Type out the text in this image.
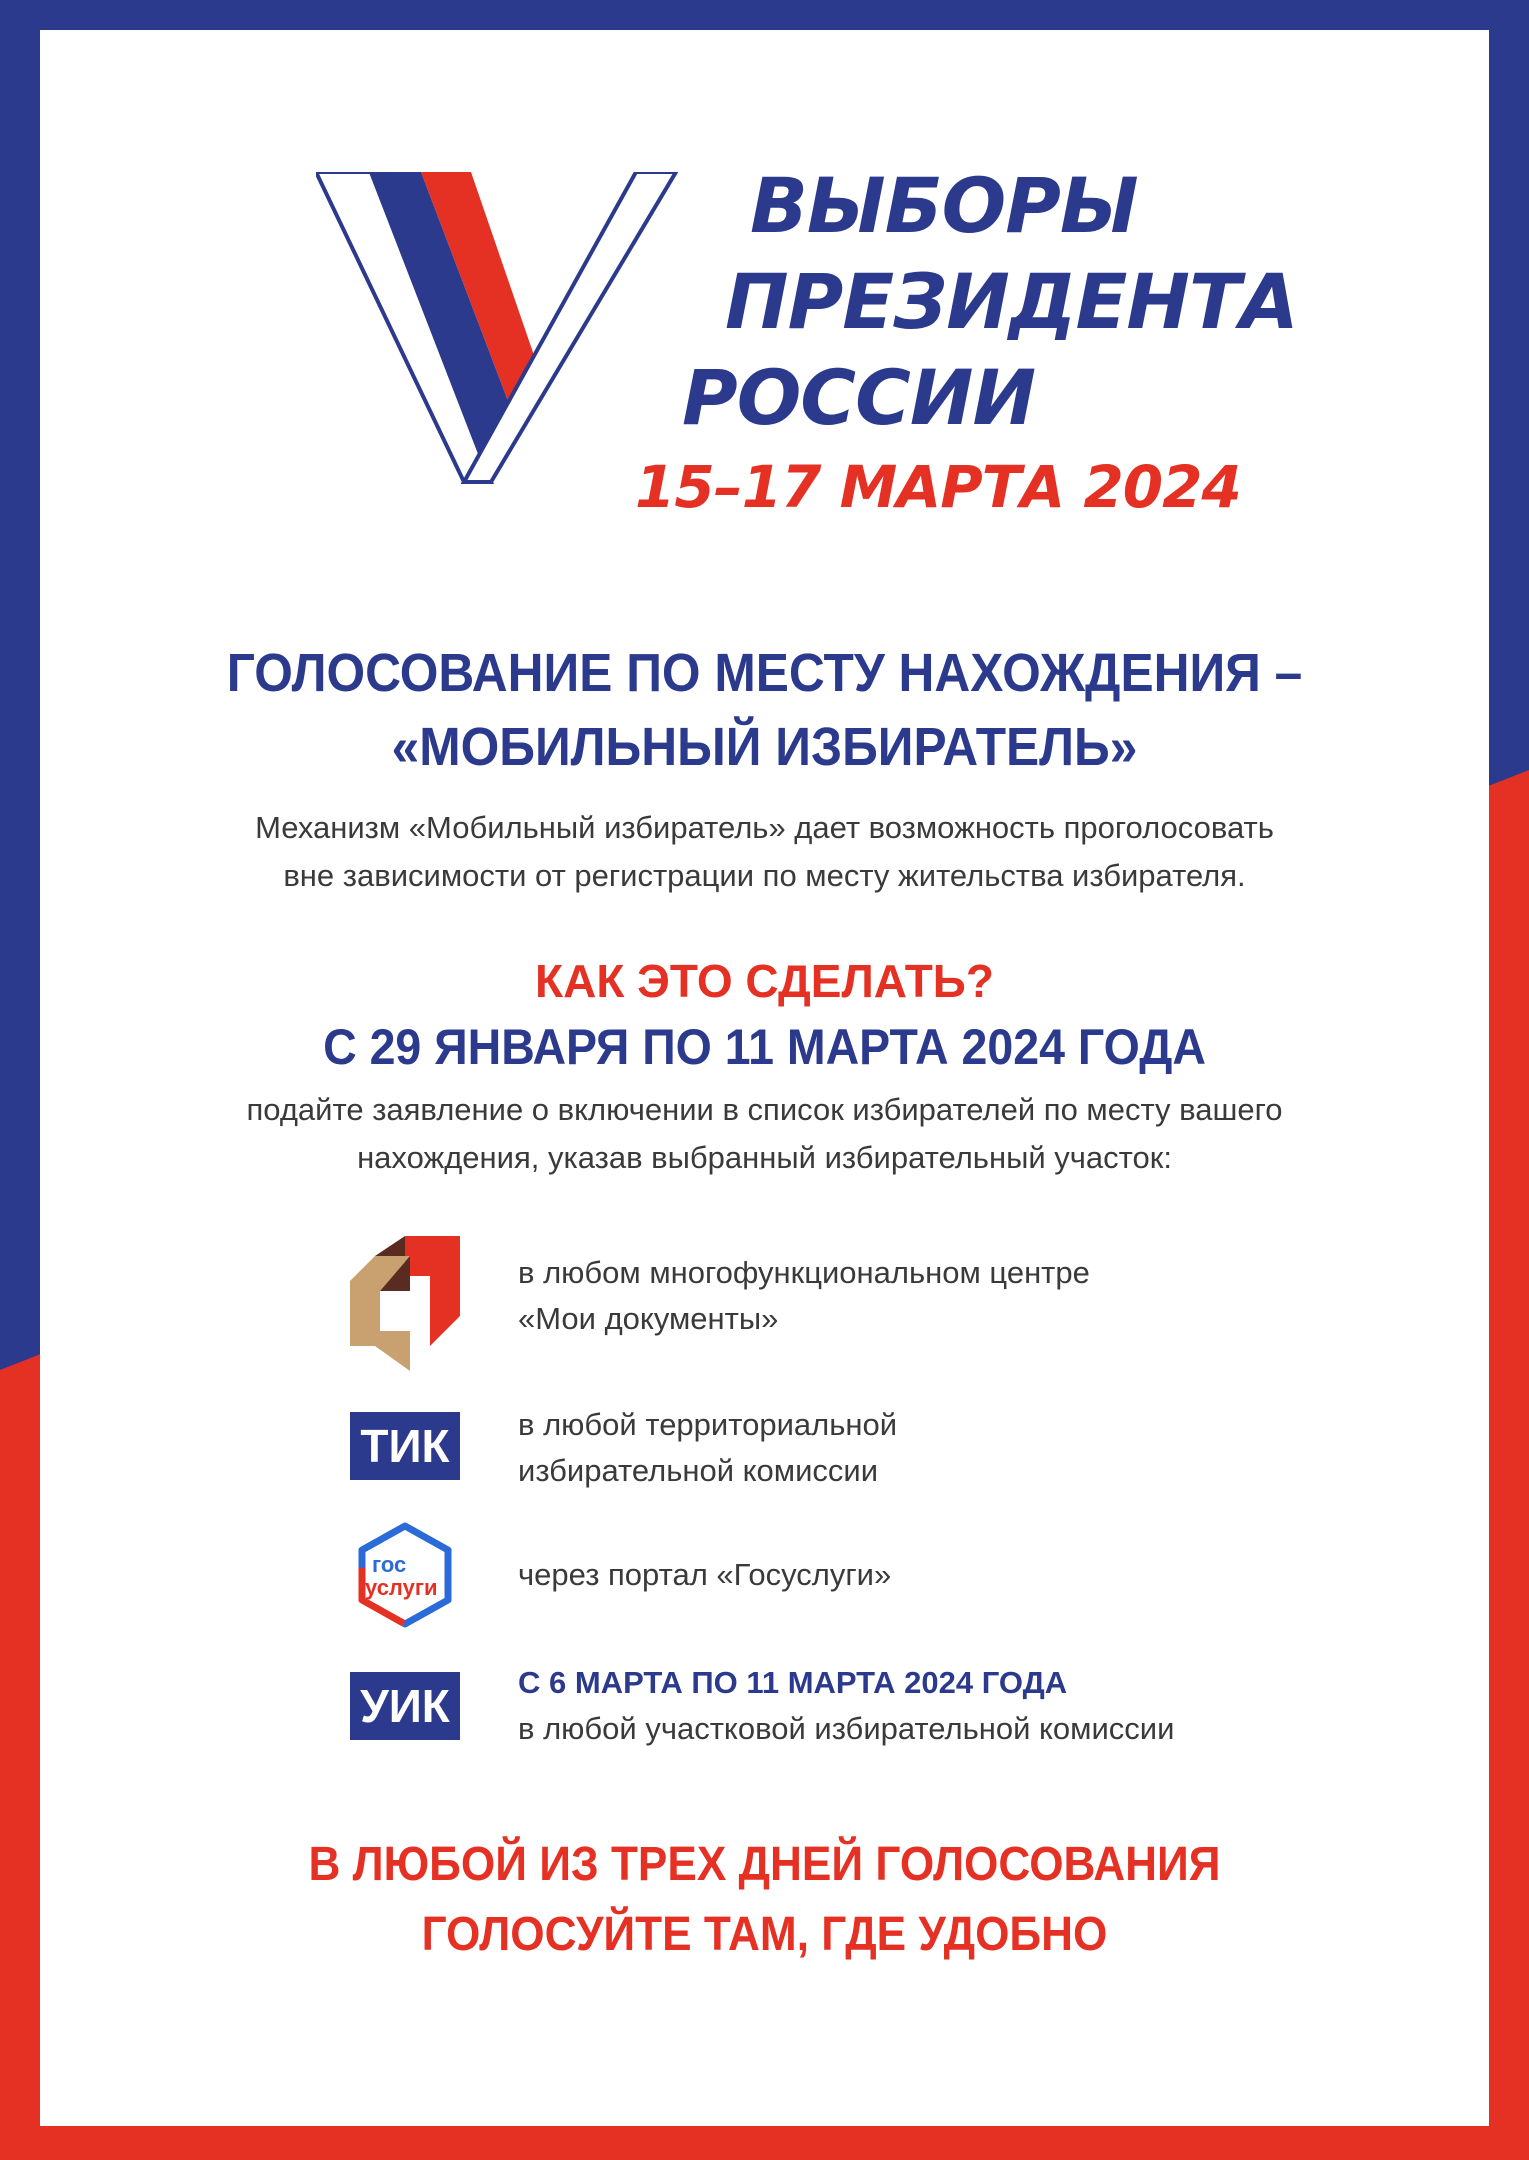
ВЫБОРЫ
ПРЕЗИДЕНТА
РОССИИ
15–17 МАРТА 2024
ГОЛОСОВАНИЕ ПО МЕСТУ НАХОЖДЕНИЯ –
«МОБИЛЬНЫЙ ИЗБИРАТЕЛЬ»
Механизм «Мобильный избиратель» дает возможность проголосовать
вне зависимости от регистрации по месту жительства избирателя.
КАК ЭТО СДЕЛАТЬ?
С 29 ЯНВАРЯ ПО 11 МАРТА 2024 ГОДА
подайте заявление о включении в список избирателей по месту вашего
нахождения, указав выбранный избирательный участок:
в любом многофункциональном центре
«Мои документы»
ТИК	в любой территориальной
избирательной комиссии
гос
услуги	через портал «Госуслуги»
УИК	С 6 МАРТА ПО 11 МАРТА 2024 ГОДА
в любой участковой избирательной комиссии
В ЛЮБОЙ ИЗ ТРЕХ ДНЕЙ ГОЛОСОВАНИЯ
ГОЛОСУЙТЕ ТАМ, ГДЕ УДОБНО
